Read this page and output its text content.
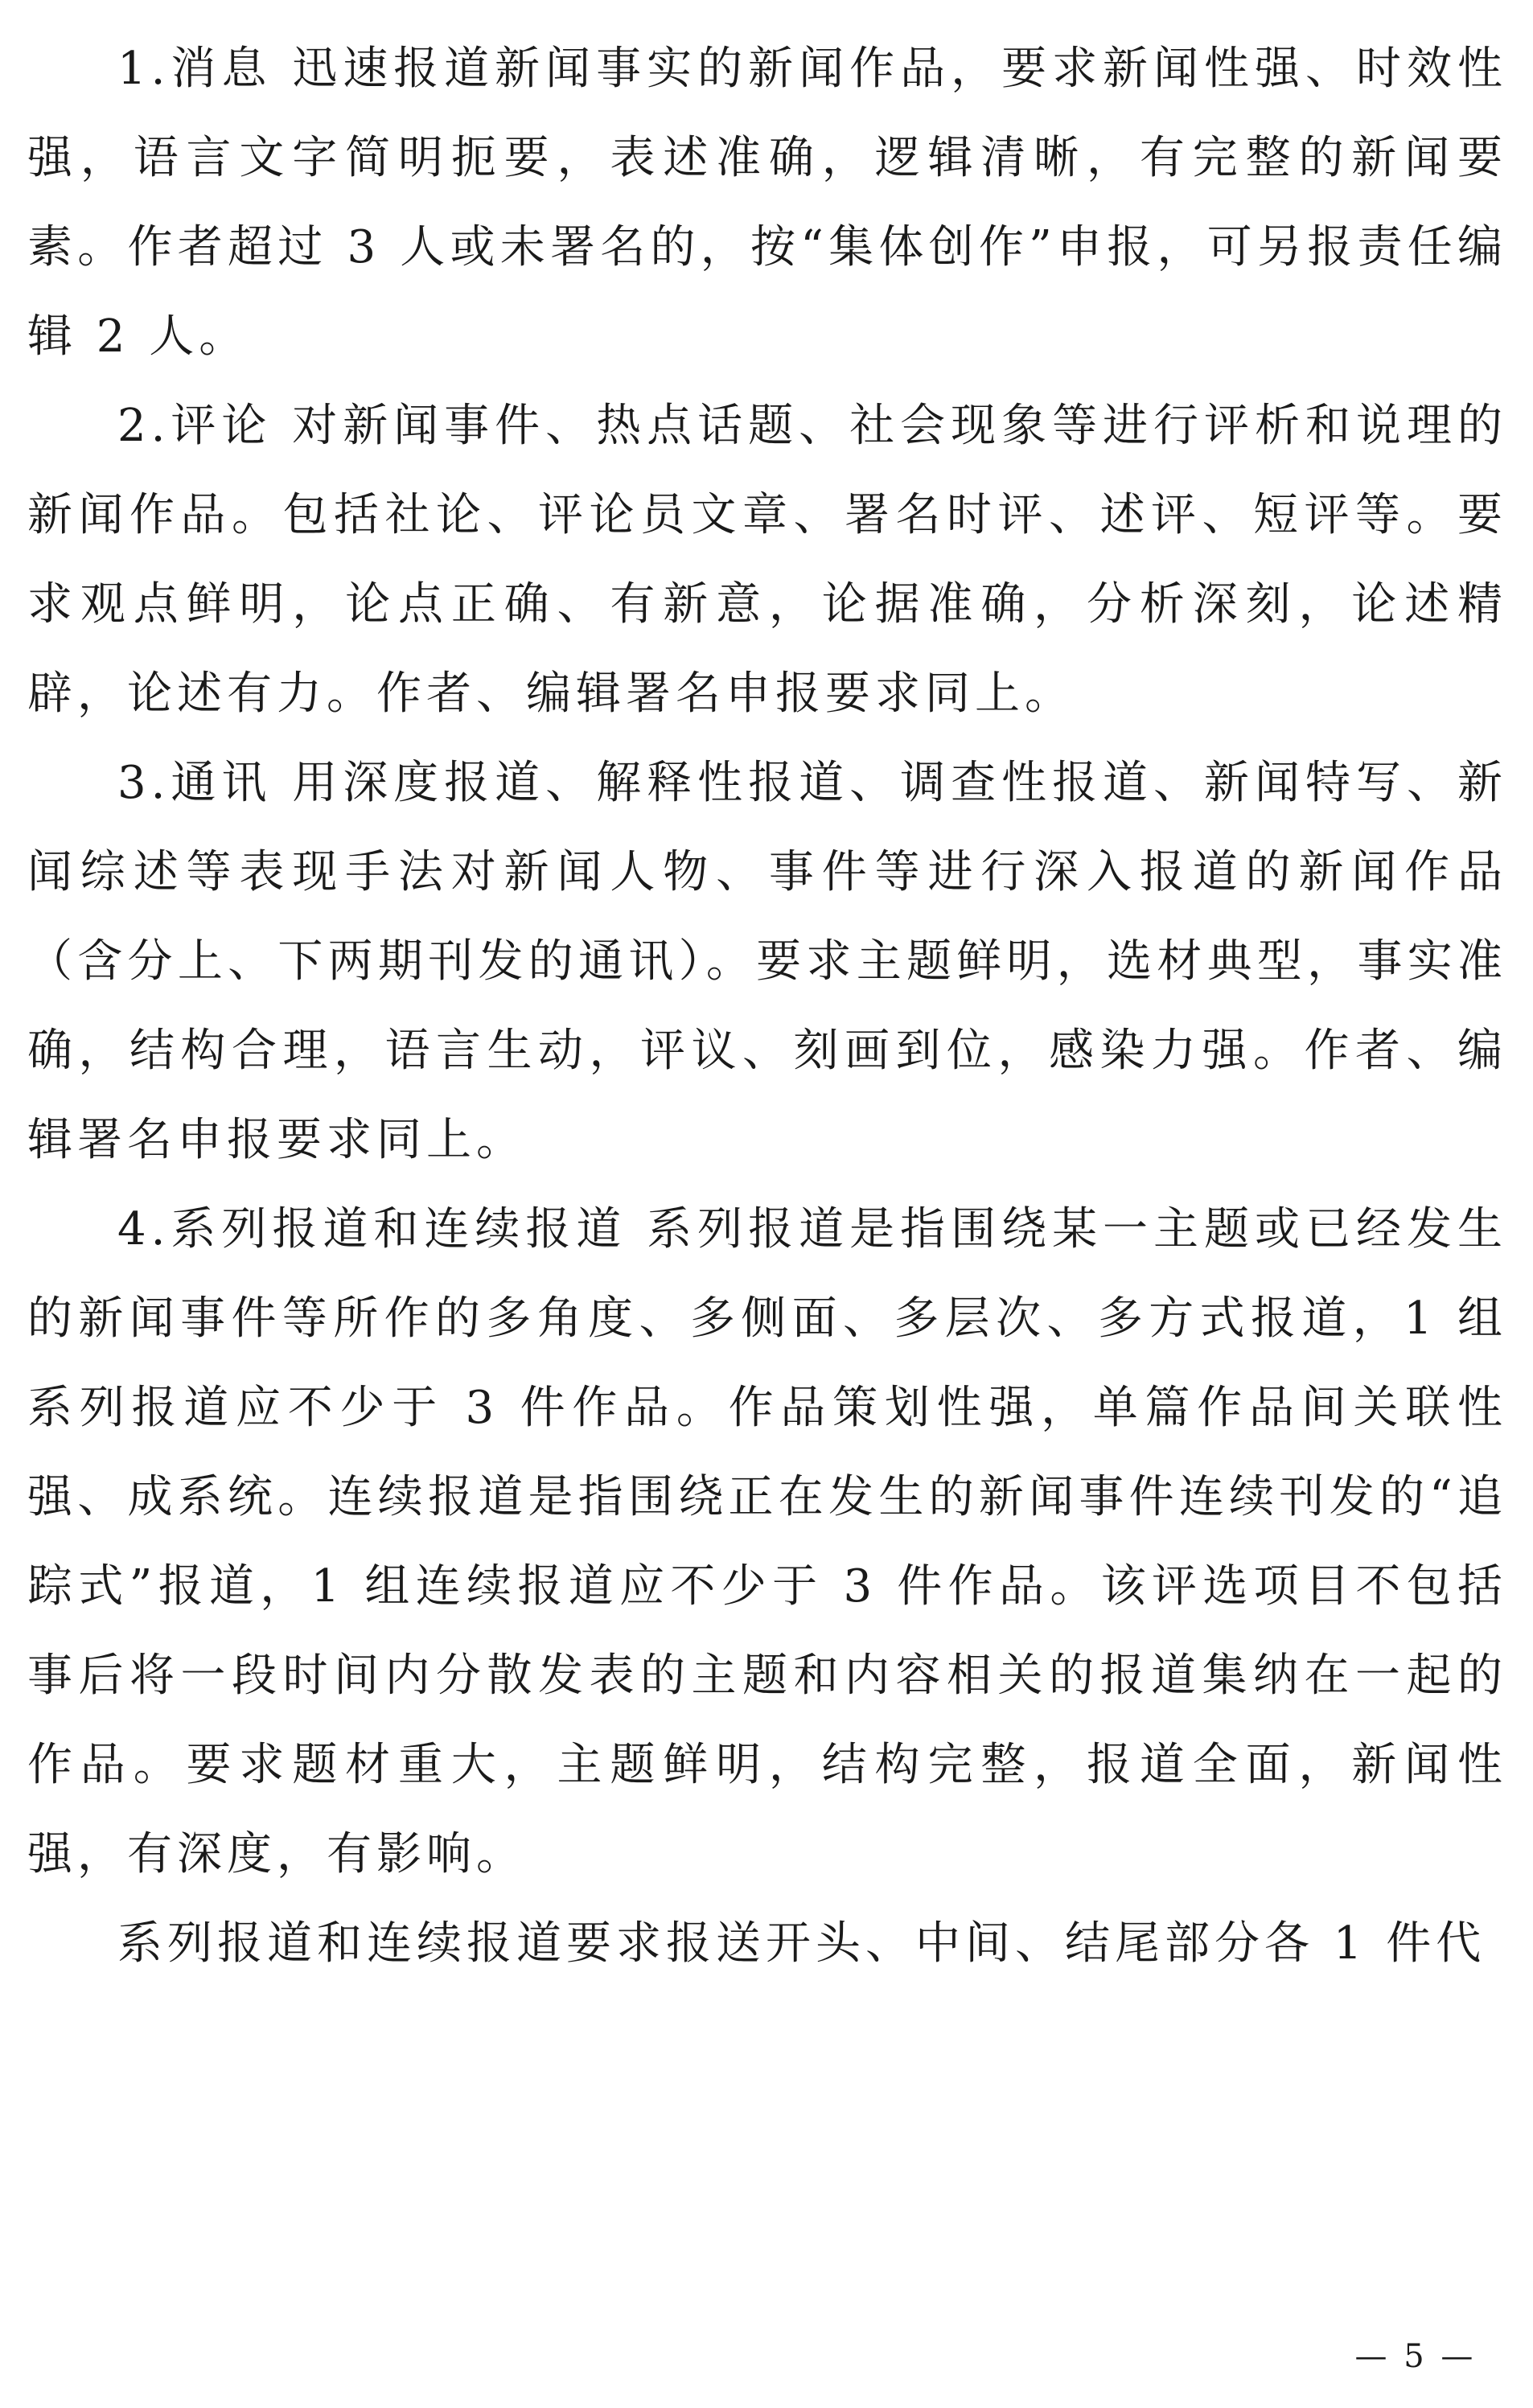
1.消息 迅速报道新闻事实的新闻作品，要求新闻性强、时效性强，语言文字简明扼要，表述准确，逻辑清晰，有完整的新闻要素。作者超过 3 人或未署名的，按“集体创作”申报，可另报责任编辑 2 人。

2.评论 对新闻事件、热点话题、社会现象等进行评析和说理的新闻作品。包括社论、评论员文章、署名时评、述评、短评等。要求观点鲜明，论点正确、有新意，论据准确，分析深刻，论述精辟，论述有力。作者、编辑署名申报要求同上。

3.通讯 用深度报道、解释性报道、调查性报道、新闻特写、新闻综述等表现手法对新闻人物、事件等进行深入报道的新闻作品（含分上、下两期刊发的通讯）。要求主题鲜明，选材典型，事实准确，结构合理，语言生动，评议、刻画到位，感染力强。作者、编辑署名申报要求同上。

4.系列报道和连续报道 系列报道是指围绕某一主题或已经发生的新闻事件等所作的多角度、多侧面、多层次、多方式报道，1 组系列报道应不少于 3 件作品。作品策划性强，单篇作品间关联性强、成系统。连续报道是指围绕正在发生的新闻事件连续刊发的“追踪式”报道，1 组连续报道应不少于 3 件作品。该评选项目不包括事后将一段时间内分散发表的主题和内容相关的报道集纳在一起的作品。要求题材重大，主题鲜明，结构完整，报道全面，新闻性强，有深度，有影响。

系列报道和连续报道要求报送开头、中间、结尾部分各 1 件代

— 5 —
